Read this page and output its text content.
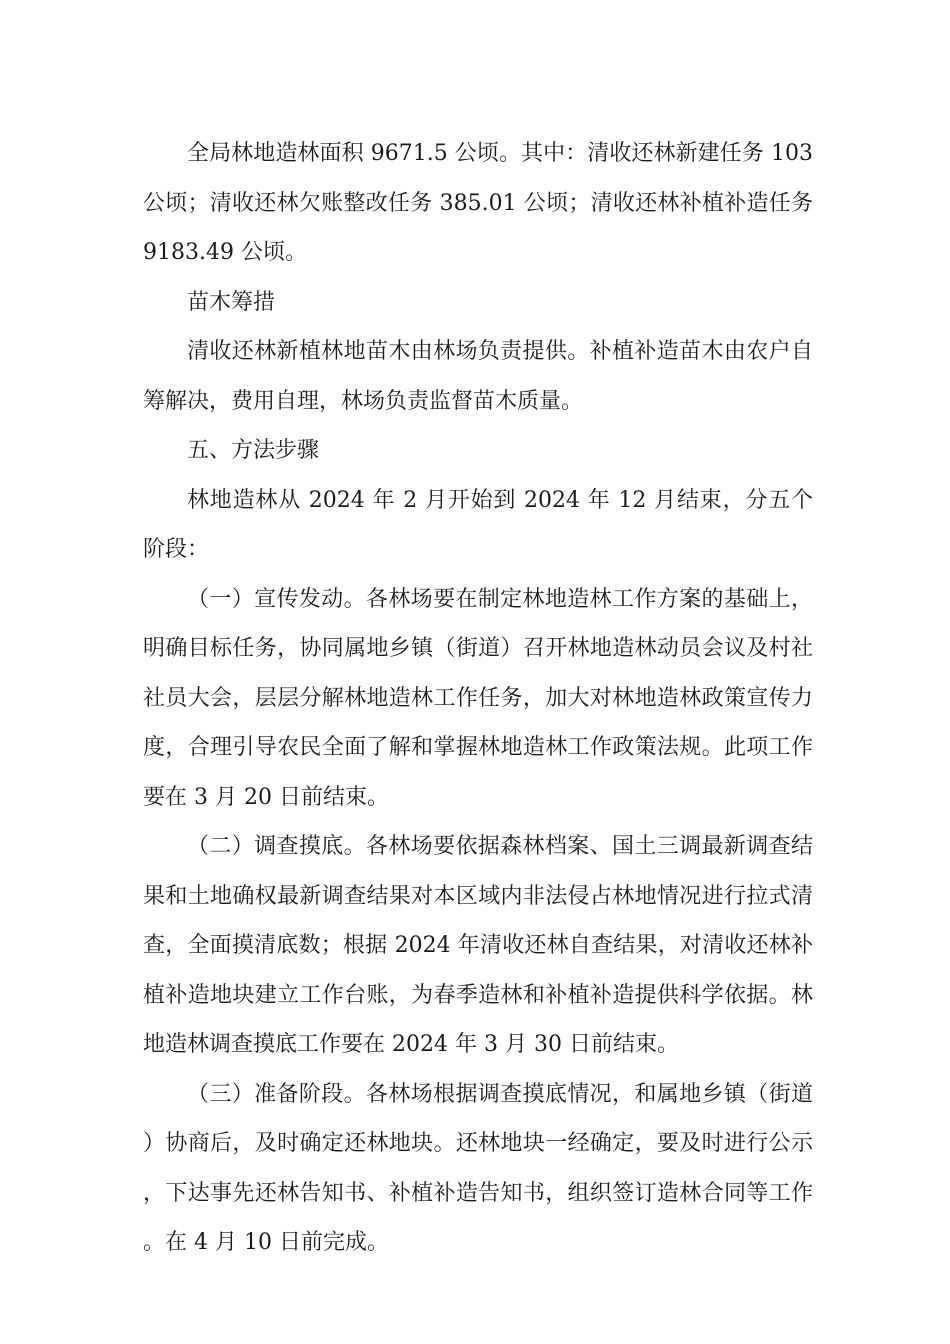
全局林地造林面积 9671.5 公顷。其中：清收还林新建任务 103 公顷；清收还林欠账整改任务 385.01 公顷；清收还林补植补造任务 9183.49 公顷。

苗木筹措

清收还林新植林地苗木由林场负责提供。补植补造苗木由农户自筹解决，费用自理，林场负责监督苗木质量。

五、方法步骤

林地造林从 2024 年 2 月开始到 2024 年 12 月结束，分五个阶段：

（一）宣传发动。各林场要在制定林地造林工作方案的基础上，明确目标任务，协同属地乡镇（街道）召开林地造林动员会议及村社社员大会，层层分解林地造林工作任务，加大对林地造林政策宣传力度，合理引导农民全面了解和掌握林地造林工作政策法规。此项工作要在 3 月 20 日前结束。

（二）调查摸底。各林场要依据森林档案、国土三调最新调查结果和土地确权最新调查结果对本区域内非法侵占林地情况进行拉式清查，全面摸清底数；根据 2024 年清收还林自查结果，对清收还林补植补造地块建立工作台账，为春季造林和补植补造提供科学依据。林地造林调查摸底工作要在 2024 年 3 月 30 日前结束。

（三）准备阶段。各林场根据调查摸底情况，和属地乡镇（街道）协商后，及时确定还林地块。还林地块一经确定，要及时进行公示，下达事先还林告知书、补植补造告知书，组织签订造林合同等工作。在 4 月 10 日前完成。
